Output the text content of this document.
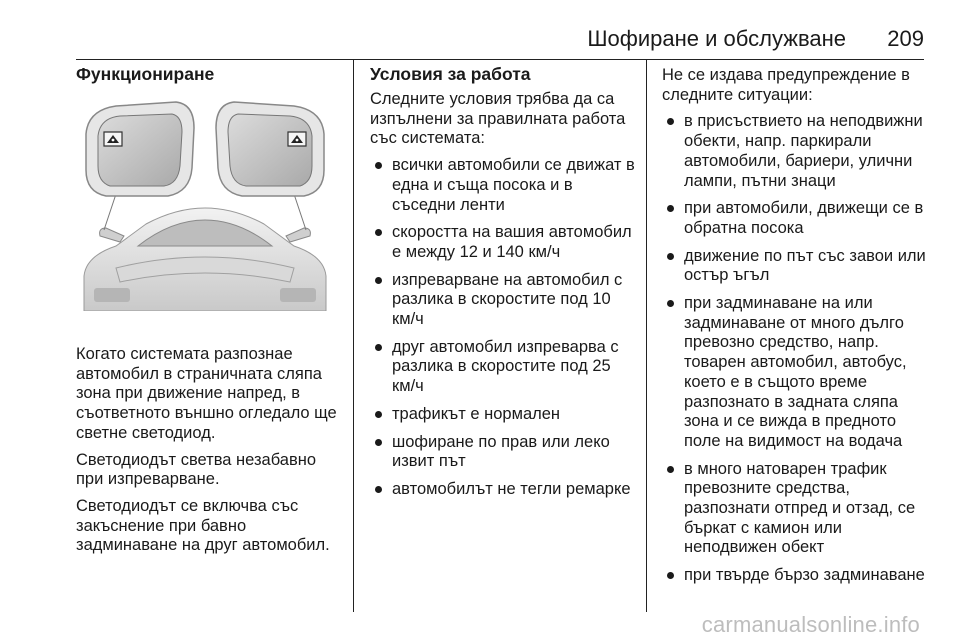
Шофиране и обслужване 209
Функциониране

Когато системата разпознае автомобил в страничната сляпа зона при движение напред, в съответното външно огледало ще светне светодиод.

Светодиодът светва незабавно при изпреварване.

Светодиодът се включва със закъснение при бавно задминаване на друг автомобил.

Условия за работа

Следните условия трябва да са изпълнени за правилната работа със системата:

всички автомобили се движат в една и съща посока и в съседни ленти
скоростта на вашия автомобил е между 12 и 140 км/ч
изпреварване на автомобил с разлика в скоростите под 10 км/ч
друг автомобил изпреварва с разлика в скоростите под 25 км/ч
трафикът е нормален
шофиране по прав или леко извит път
автомобилът не тегли ремарке

Не се издава предупреждение в следните ситуации:

в присъствието на неподвижни обекти, напр. паркирали автомобили, бариери, улични лампи, пътни знаци
при автомобили, движещи се в обратна посока
движение по път със завои или остър ъгъл
при задминаване на или задминаване от много дълго превозно средство, напр. товарен автомобил, автобус, което е в същото време разпознато в задната сляпа зона и се вижда в предното поле на видимост на водача
в много натоварен трафик превозните средства, разпознати отпред и отзад, се бъркат с камион или неподвижен обект
при твърде бързо задминаване
carmanualsonline.info
